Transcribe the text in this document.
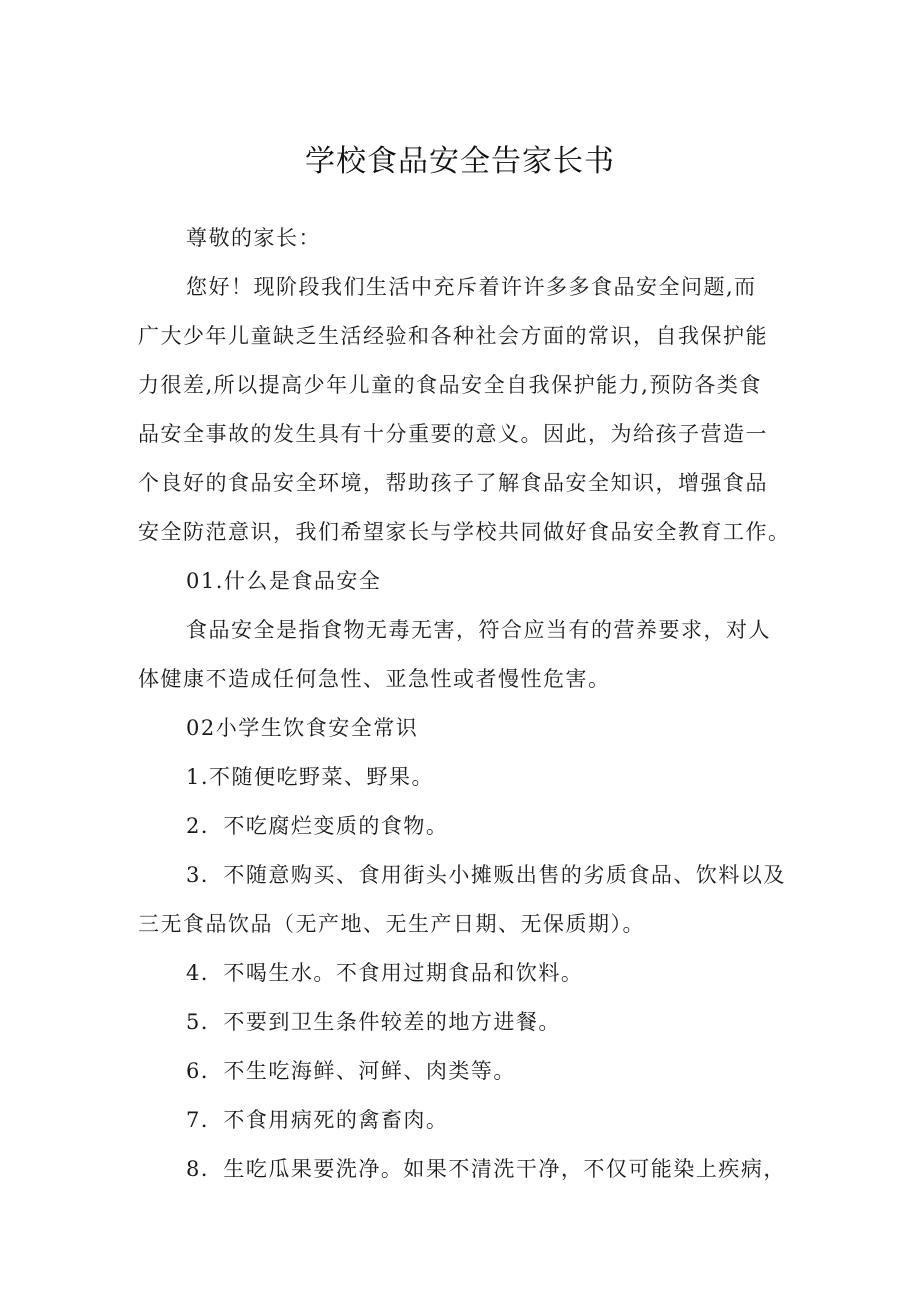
学校食品安全告家长书

尊敬的家长：

您好！现阶段我们生活中充斥着许许多多食品安全问题,而

广大少年儿童缺乏生活经验和各种社会方面的常识，自我保护能

力很差,所以提高少年儿童的食品安全自我保护能力,预防各类食

品安全事故的发生具有十分重要的意义。因此，为给孩子营造一

个良好的食品安全环境，帮助孩子了解食品安全知识，增强食品

安全防范意识，我们希望家长与学校共同做好食品安全教育工作。

01.什么是食品安全

食品安全是指食物无毒无害，符合应当有的营养要求，对人

体健康不造成任何急性、亚急性或者慢性危害。

02小学生饮食安全常识

1.不随便吃野菜、野果。

2．不吃腐烂变质的食物。

3．不随意购买、食用街头小摊贩出售的劣质食品、饮料以及

三无食品饮品（无产地、无生产日期、无保质期）。

4．不喝生水。不食用过期食品和饮料。

5．不要到卫生条件较差的地方进餐。

6．不生吃海鲜、河鲜、肉类等。

7．不食用病死的禽畜肉。

8．生吃瓜果要洗净。如果不清洗干净，不仅可能染上疾病，
